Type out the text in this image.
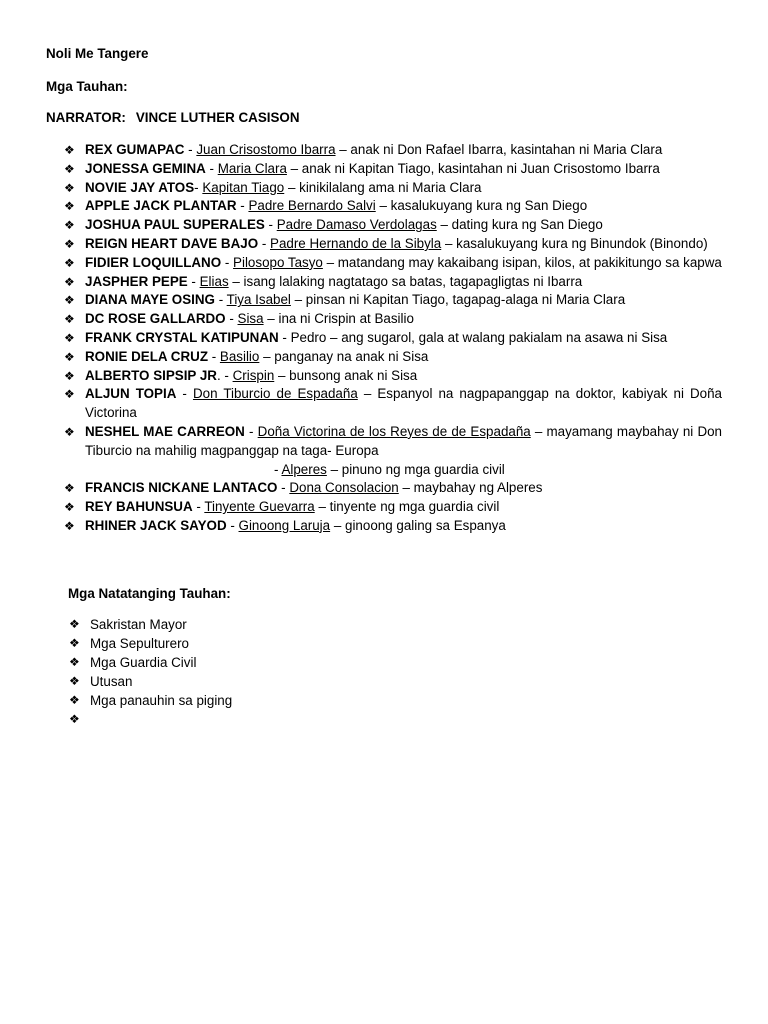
Noli Me Tangere
Mga Tauhan:
NARRATOR: VINCE LUTHER CASISON
❖ REX GUMAPAC - Juan Crisostomo Ibarra – anak ni Don Rafael Ibarra, kasintahan ni Maria Clara
❖ JONESSA GEMINA - Maria Clara – anak ni Kapitan Tiago, kasintahan ni Juan Crisostomo Ibarra
❖ NOVIE JAY ATOS- Kapitan Tiago – kinikilalang ama ni Maria Clara
❖ APPLE JACK PLANTAR - Padre Bernardo Salvi – kasalukuyang kura ng San Diego
❖ JOSHUA PAUL SUPERALES - Padre Damaso Verdolagas – dating kura ng San Diego
❖ REIGN HEART DAVE BAJO - Padre Hernando de la Sibyla – kasalukuyang kura ng Binundok (Binondo)
❖ FIDIER LOQUILLANO - Pilosopo Tasyo – matandang may kakaibang isipan, kilos, at pakikitungo sa kapwa
❖ JASPHER PEPE - Elias – isang lalaking nagtatago sa batas, tagapagligtas ni Ibarra
❖ DIANA MAYE OSING - Tiya Isabel – pinsan ni Kapitan Tiago, tagapag-alaga ni Maria Clara
❖ DC ROSE GALLARDO - Sisa – ina ni Crispin at Basilio
❖ FRANK CRYSTAL KATIPUNAN - Pedro – ang sugarol, gala at walang pakialam na asawa ni Sisa
❖ RONIE DELA CRUZ - Basilio – panganay na anak ni Sisa
❖ ALBERTO SIPSIP JR. - Crispin – bunsong anak ni Sisa
❖ ALJUN TOPIA - Don Tiburcio de Espadaña – Espanyol na nagpapanggap na doktor, kabiyak ni Doña Victorina
❖ NESHEL MAE CARREON - Doña Victorina de los Reyes de de Espadaña – mayamang maybahay ni Don Tiburcio na mahilig magpanggap na taga- Europa
- Alperes – pinuno ng mga guardia civil
❖ FRANCIS NICKANE LANTACO - Dona Consolacion – maybahay ng Alperes
❖ REY BAHUNSUA - Tinyente Guevarra – tinyente ng mga guardia civil
❖ RHINER JACK SAYOD - Ginoong Laruja – ginoong galing sa Espanya
Mga Natatanging Tauhan:
❖ Sakristan Mayor
❖ Mga Sepulturero
❖ Mga Guardia Civil
❖ Utusan
❖ Mga panauhin sa piging
❖
